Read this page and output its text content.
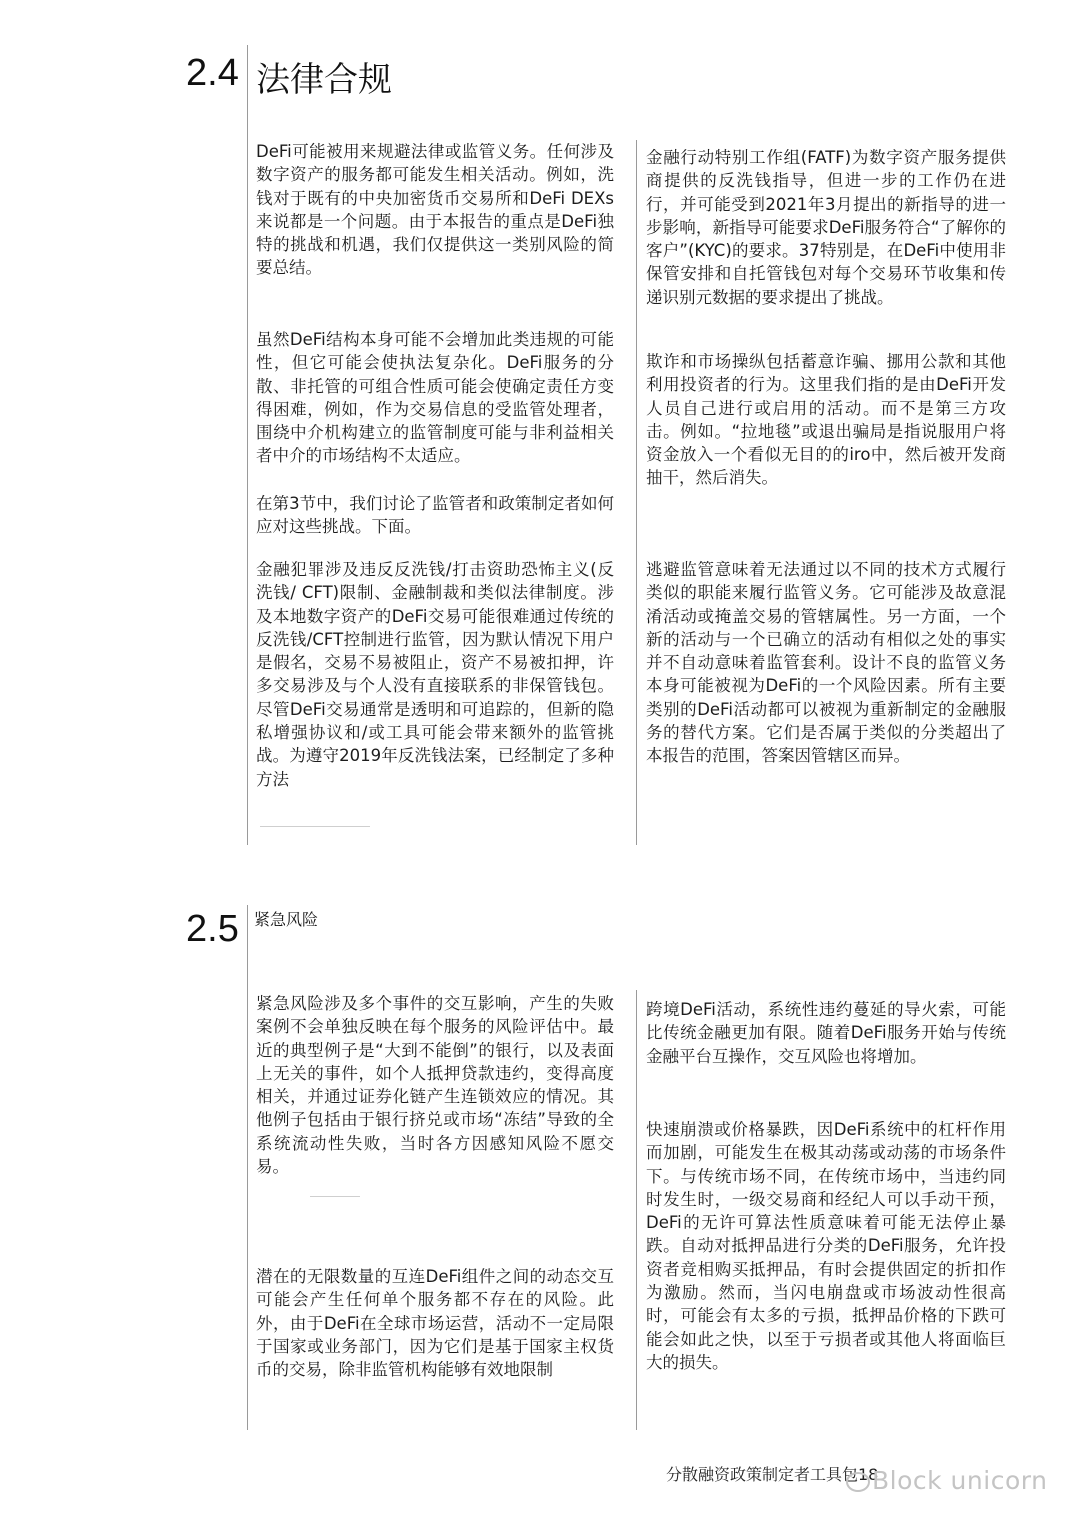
2.4 法律合规

DeFi可能被用来规避法律或监管义务。任何涉及数字资产的服务都可能发生相关活动。例如，洗钱对于既有的中央加密货币交易所和DeFi DEXs来说都是一个问题。由于本报告的重点是DeFi独特的挑战和机遇，我们仅提供这一类别风险的简要总结。

虽然DeFi结构本身可能不会增加此类违规的可能性，但它可能会使执法复杂化。DeFi服务的分散、非托管的可组合性质可能会使确定责任方变得困难，例如，作为交易信息的受监管处理者，围绕中介机构建立的监管制度可能与非利益相关者中介的市场结构不太适应。

在第3节中，我们讨论了监管者和政策制定者如何应对这些挑战。下面。

金融犯罪涉及违反反洗钱/打击资助恐怖主义(反洗钱/ CFT)限制、金融制裁和类似法律制度。涉及本地数字资产的DeFi交易可能很难通过传统的反洗钱/CFT控制进行监管，因为默认情况下用户是假名，交易不易被阻止，资产不易被扣押，许多交易涉及与个人没有直接联系的非保管钱包。尽管DeFi交易通常是透明和可追踪的，但新的隐私增强协议和/或工具可能会带来额外的监管挑战。为遵守2019年反洗钱法案，已经制定了多种方法

金融行动特别工作组(FATF)为数字资产服务提供商提供的反洗钱指导，但进一步的工作仍在进行，并可能受到2021年3月提出的新指导的进一步影响，新指导可能要求DeFi服务符合“了解你的客户”(KYC)的要求。37特别是，在DeFi中使用非保管安排和自托管钱包对每个交易环节收集和传递识别元数据的要求提出了挑战。

欺诈和市场操纵包括蓄意诈骗、挪用公款和其他利用投资者的行为。这里我们指的是由DeFi开发人员自己进行或启用的活动。而不是第三方攻击。例如。“拉地毯”或退出骗局是指说服用户将资金放入一个看似无目的的iro中，然后被开发商抽干，然后消失。

逃避监管意味着无法通过以不同的技术方式履行类似的职能来履行监管义务。它可能涉及故意混淆活动或掩盖交易的管辖属性。另一方面，一个新的活动与一个已确立的活动有相似之处的事实并不自动意味着监管套利。设计不良的监管义务本身可能被视为DeFi的一个风险因素。所有主要类别的DeFi活动都可以被视为重新制定的金融服务的替代方案。它们是否属于类似的分类超出了本报告的范围，答案因管辖区而异。

2.5 紧急风险

紧急风险涉及多个事件的交互影响，产生的失败案例不会单独反映在每个服务的风险评估中。最近的典型例子是“大到不能倒”的银行，以及表面上无关的事件，如个人抵押贷款违约，变得高度相关，并通过证券化链产生连锁效应的情况。其他例子包括由于银行挤兑或市场“冻结”导致的全系统流动性失败，当时各方因感知风险不愿交易。

潜在的无限数量的互连DeFi组件之间的动态交互可能会产生任何单个服务都不存在的风险。此外，由于DeFi在全球市场运营，活动不一定局限于国家或业务部门，因为它们是基于国家主权货币的交易，除非监管机构能够有效地限制

跨境DeFi活动，系统性违约蔓延的导火索，可能比传统金融更加有限。随着DeFi服务开始与传统金融平台互操作，交互风险也将增加。

快速崩溃或价格暴跌，因DeFi系统中的杠杆作用而加剧，可能发生在极其动荡或动荡的市场条件下。与传统市场不同，在传统市场中，当违约同时发生时，一级交易商和经纪人可以手动干预，DeFi的无许可算法性质意味着可能无法停止暴跌。自动对抵押品进行分类的DeFi服务，允许投资者竞相购买抵押品，有时会提供固定的折扣作为激励。然而，当闪电崩盘或市场波动性很高时，可能会有太多的亏损，抵押品价格的下跌可能会如此之快，以至于亏损者或其他人将面临巨大的损失。

分散融资政策制定者工具包18
Block unicorn
